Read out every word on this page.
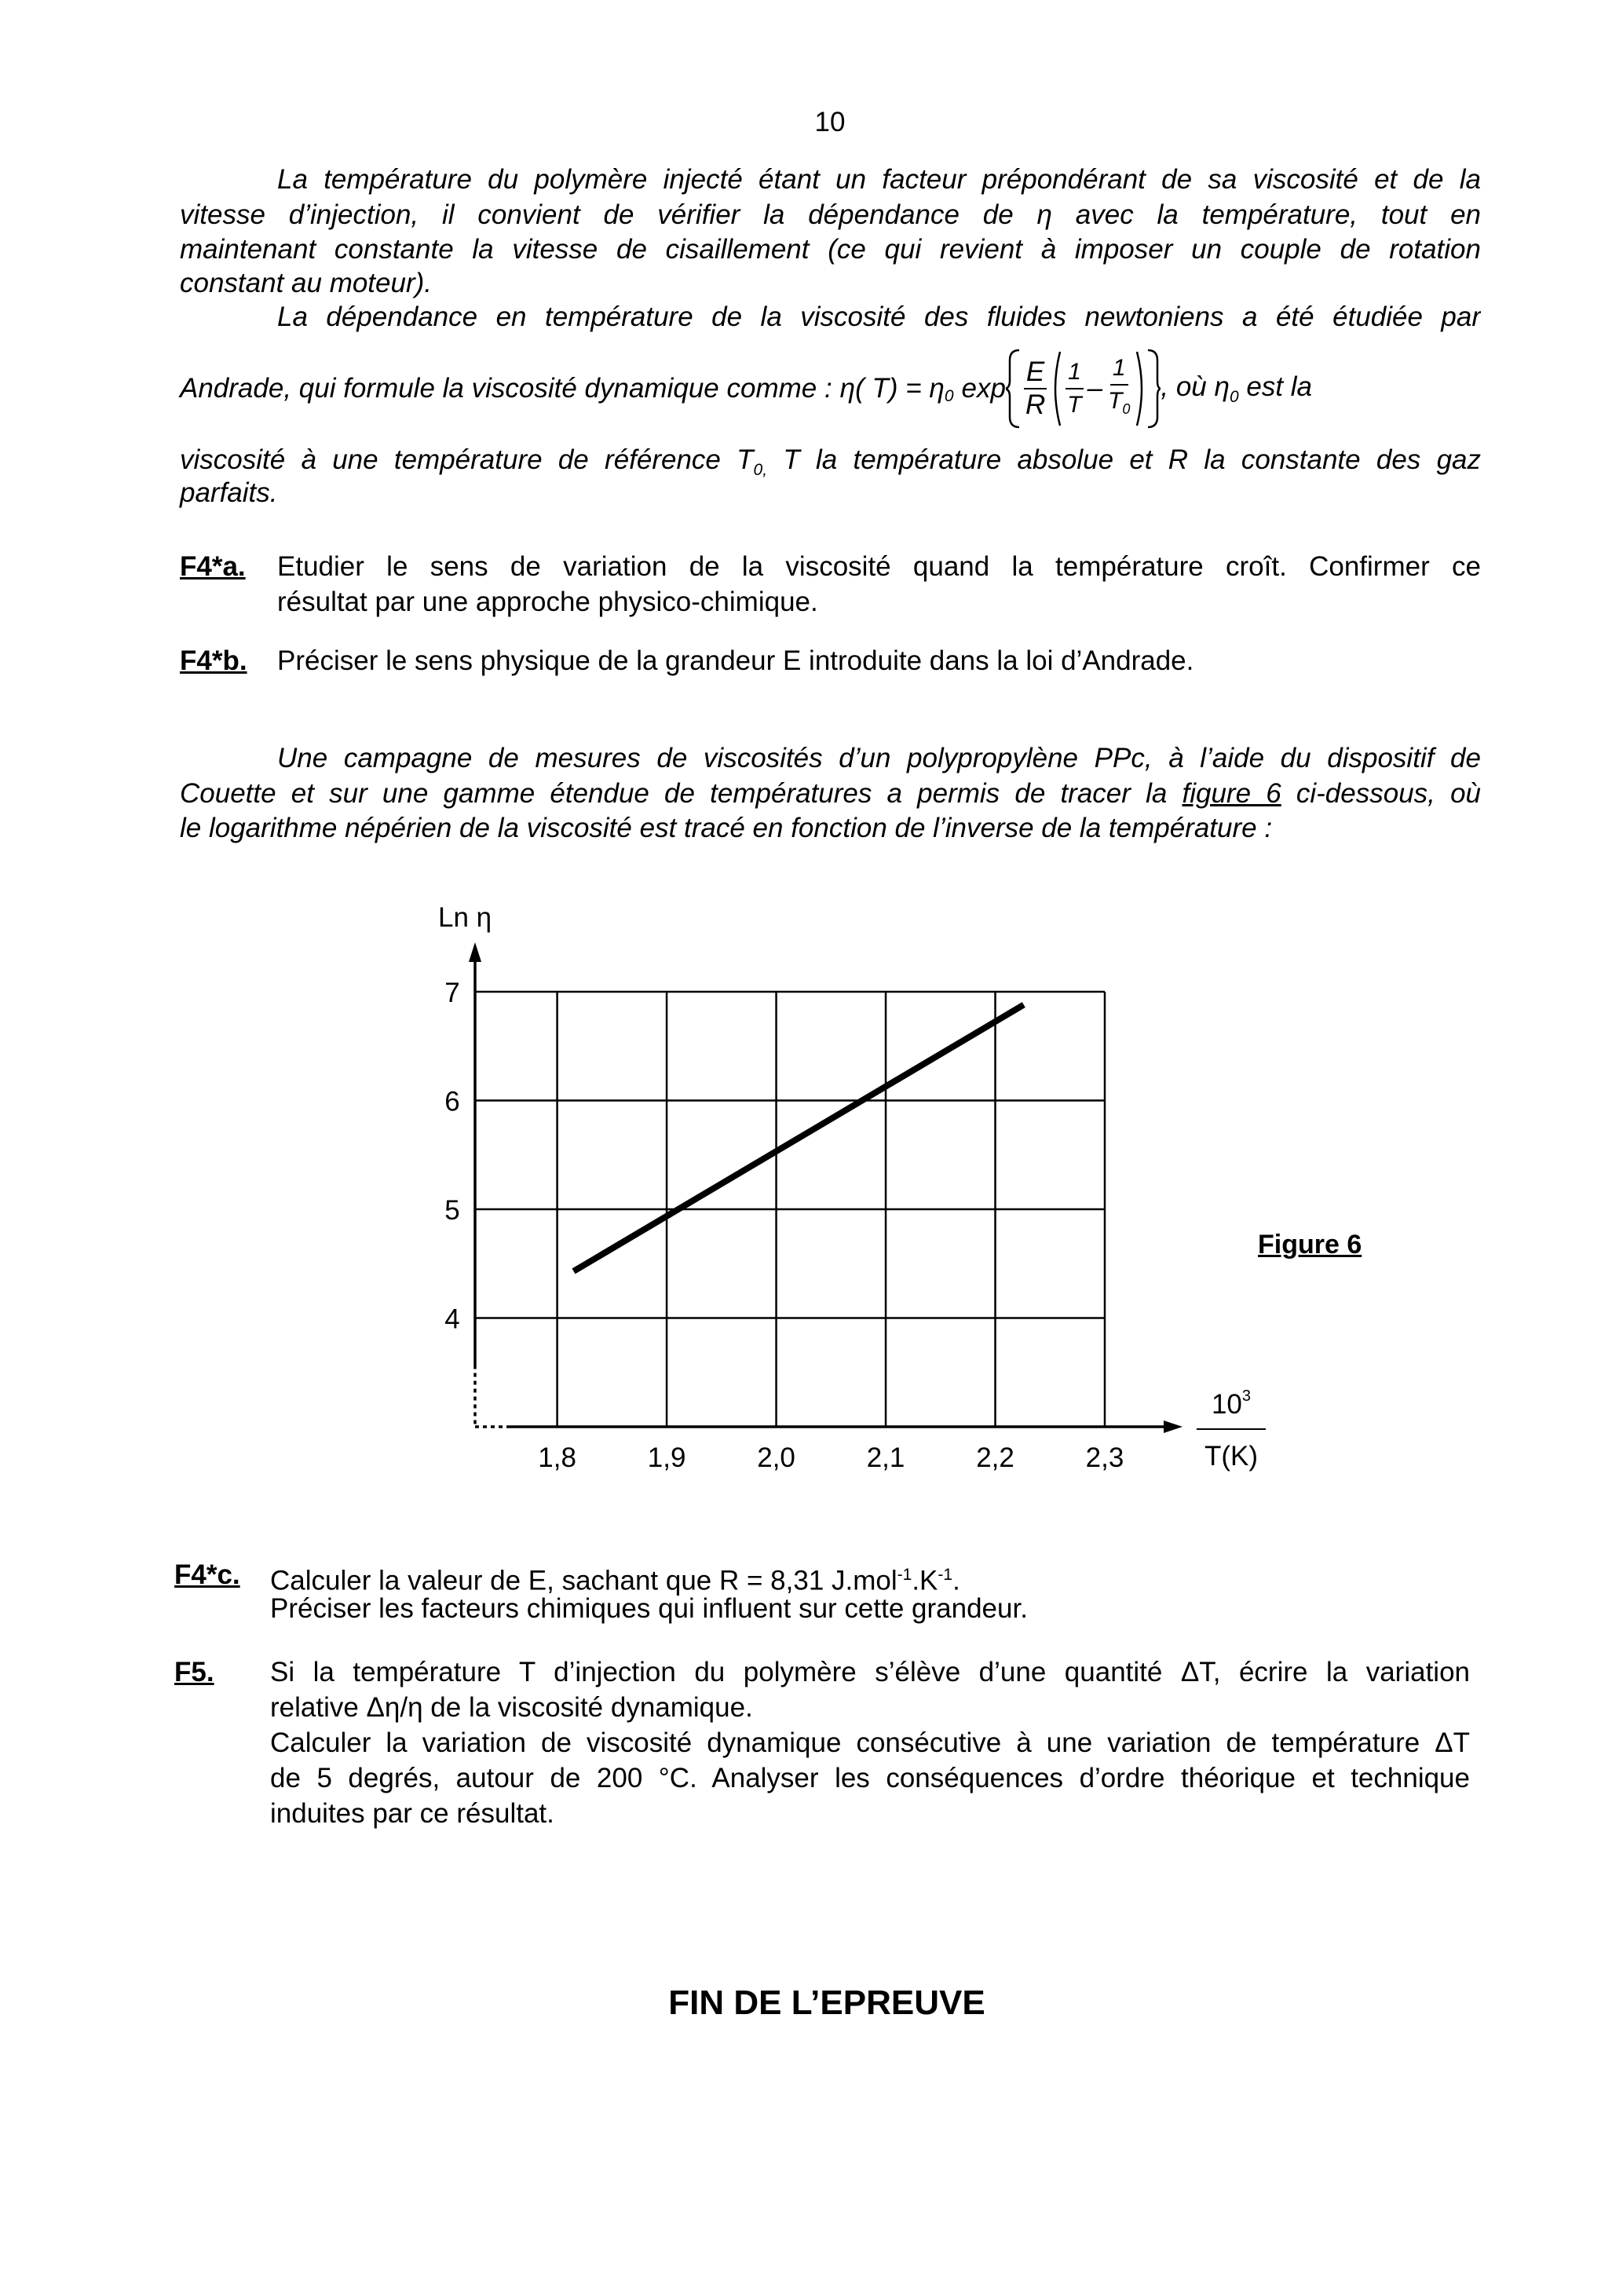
10
La température du polymère injecté étant un facteur prépondérant de sa viscosité et de la
vitesse d’injection, il convient de vérifier la dépendance de η avec la température, tout en
maintenant constante la vitesse de cisaillement (ce qui revient à imposer un couple de rotation
constant au moteur).
La dépendance en température de la viscosité des fluides newtoniens a été étudiée par
Andrade, qui formule la viscosité dynamique comme : η( $T) = \eta_0$ $\exp \frac{E}{R} \frac{1}{T} - \frac{1}{T_0}$ , où $\eta_0$ est la
viscosité à une température de référence $T_{0,}$ T la température absolue et R la constante des gaz
parfaits.
F4*a. Etudier le sens de variation de la viscosité quand la température croît. Confirmer ce
résultat par une approche physico-chimique.
F4*b. Préciser le sens physique de la grandeur E introduite dans la loi d’Andrade.
Une campagne de mesures de viscosités d’un polypropylène PPc, à l’aide du dispositif de
Couette et sur une gamme étendue de températures a permis de tracer la figure 6 ci-dessous, où
le logarithme népérien de la viscosité est tracé en fonction de l’inverse de la température :
1,8	1,9	2,0	2,1	2,2	2,3
4
5
6
7
Ln η
$10^3$
T(K)
Figure 6
F4*c. Calculer la valeur de E, sachant que R = 8,31 $J.mol^{-1}.K^{-1}$.
Préciser les facteurs chimiques qui influent sur cette grandeur.
F5. Si la température T d’injection du polymère s’élève d’une quantité ΔT, écrire la variation
relative Δη/η de la viscosité dynamique.
Calculer la variation de viscosité dynamique consécutive à une variation de température ΔT
de 5 degrés, autour de 200 °C. Analyser les conséquences d’ordre théorique et technique
induites par ce résultat.
FIN DE L’EPREUVE
